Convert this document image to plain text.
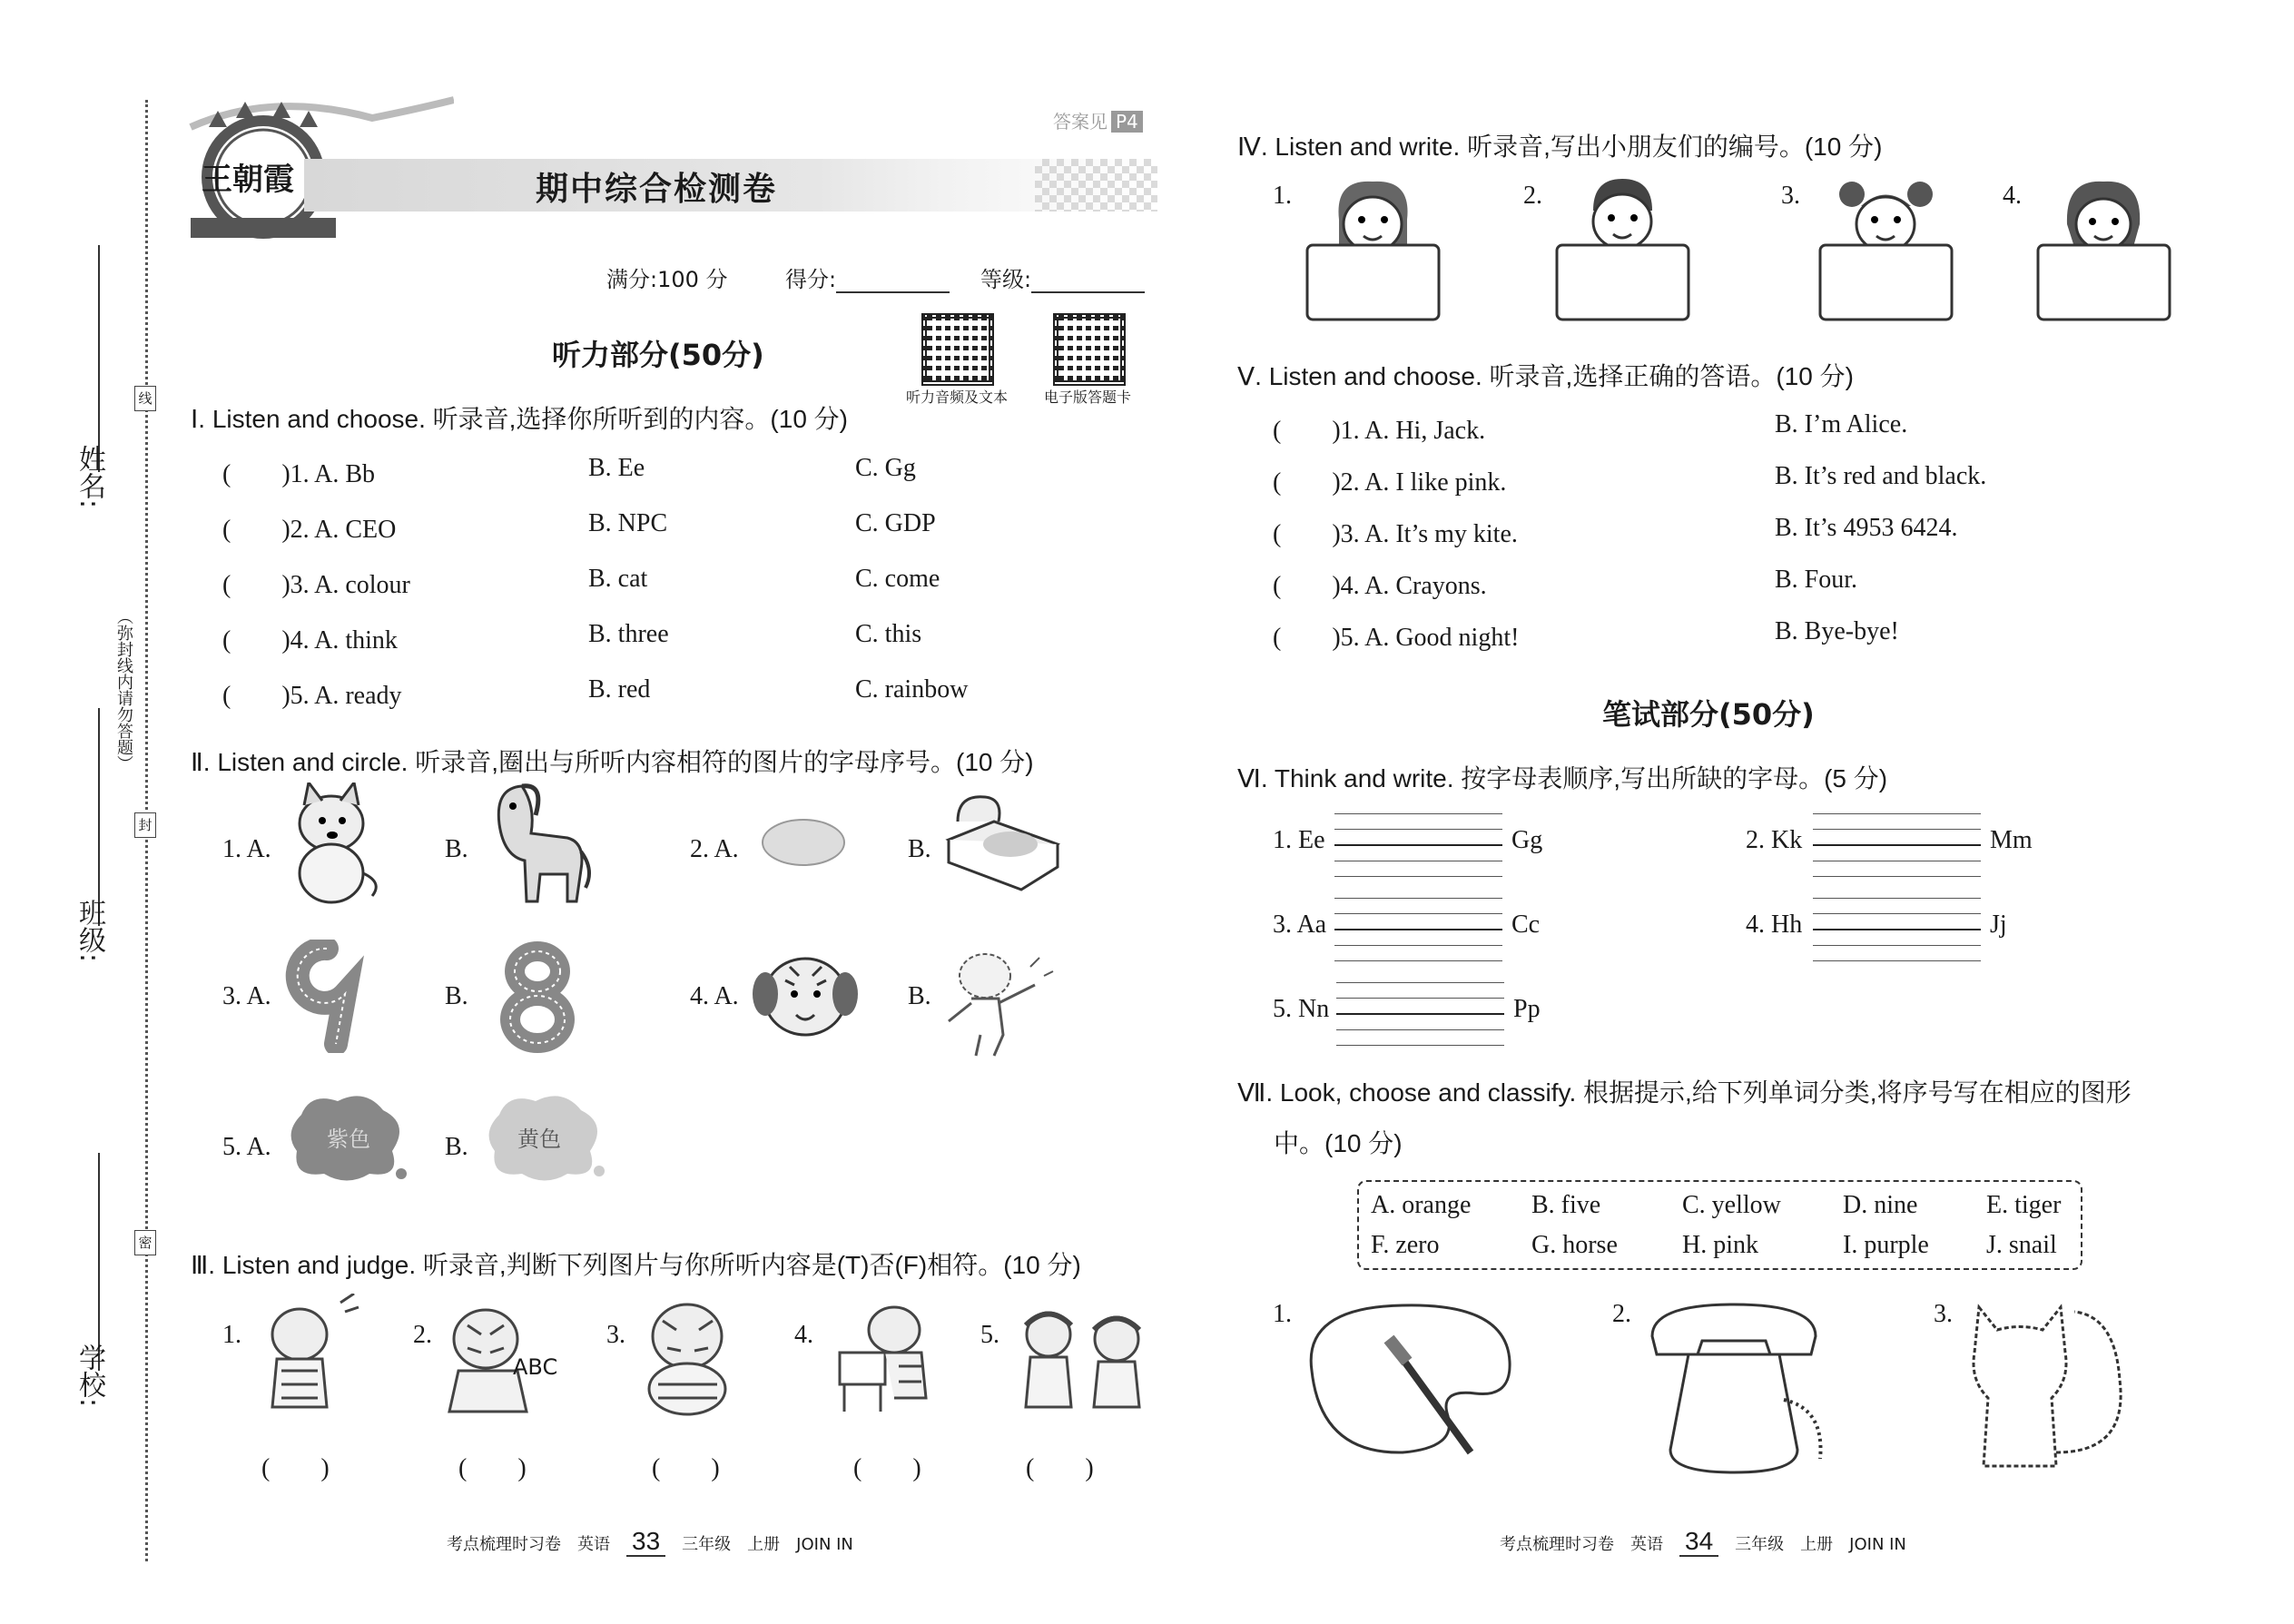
姓名:
班级:
学校:
（弥封线内请勿答题）
线
封
密
王朝霞
答案见 P4
期中综合检测卷
满分:100 分	得分:	等级:
听力部分(50分)
听力音频及文本 电子版答题卡
Ⅰ. Listen and choose. 听录音,选择你所听到的内容。(10 分)
(　　)1. A. Bb	B. Ee	C. Gg
(　　)2. A. CEO	B. NPC	C. GDP
(　　)3. A. colour	B. cat	C. come
(　　)4. A. think	B. three	C. this
(　　)5. A. ready	B. red	C. rainbow
Ⅱ. Listen and circle. 听录音,圈出与所听内容相符的图片的字母序号。(10 分)
1. A.	B.	2. A.	B.
3. A.	B.	4. A.	B.
5. A.	紫色	B. 黄色
Ⅲ. Listen and judge. 听录音,判断下列图片与你所听内容是(T)否(F)相符。(10 分)
1.	2.
ABC
3.	4.	5.
(　　)	(　　)	(　　)	(　　)	(　　)
考点梳理时习卷　英语 33 三年级　上册　JOIN IN
Ⅳ. Listen and write. 听录音,写出小朋友们的编号。(10 分)
1.	2.	3.	4.
Ⅴ. Listen and choose. 听录音,选择正确的答语。(10 分)
(　　)1. A. Hi, Jack.	B. I’m Alice.
(　　)2. A. I like pink.	B. It’s red and black.
(　　)3. A. It’s my kite.	B. It’s 4953 6424.
(　　)4. A. Crayons.	B. Four.
(　　)5. A. Good night!	B. Bye-bye!
笔试部分(50分)
Ⅵ. Think and write. 按字母表顺序,写出所缺的字母。(5 分)
1. Ee	Gg	2. Kk	Mm
3. Aa	Cc	4. Hh	Jj
5. Nn	Pp
Ⅶ. Look, choose and classify. 根据提示,给下列单词分类,将序号写在相应的图形
中。(10 分)
A. orange B. five	C. yellow D. nine	E. tiger
F. zero	G. horse	H. pink	I. purple J. snail
1.	2.	3.
考点梳理时习卷　英语 34 三年级　上册　JOIN IN
